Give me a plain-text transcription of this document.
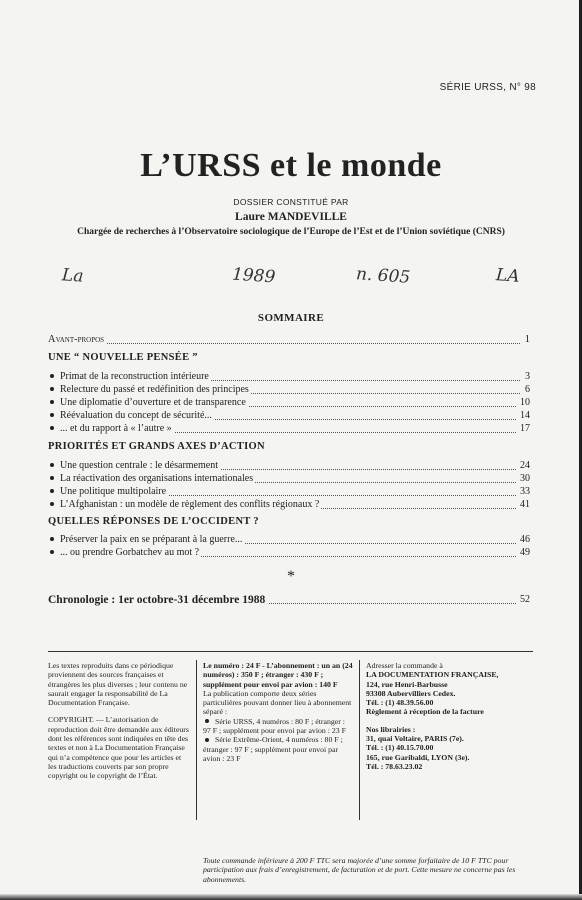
SÉRIE URSS, N° 98
L’URSS et le monde
DOSSIER CONSTITUÉ PAR
Laure MANDEVILLE
Chargée de recherches à l’Observatoire sociologique de l’Europe de l’Est et de l’Union soviétique (CNRS)
La	1989	n. 605	LA
SOMMAIRE
Avant-propos	1
UNE “ NOUVELLE PENSÉE ”
Primat de la reconstruction intérieure	3
Relecture du passé et redéfinition des principes	6
Une diplomatie d’ouverture et de transparence	10
Réévaluation du concept de sécurité...	14
... et du rapport à « l’autre »	17
PRIORITÉS ET GRANDS AXES D’ACTION
Une question centrale : le désarmement	24
La réactivation des organisations internationales	30
Une politique multipolaire	33
L’Afghanistan : un modèle de règlement des conflits régionaux ?	41
QUELLES RÉPONSES DE L’OCCIDENT ?
Préserver la paix en se préparant à la guerre...	46
... ou prendre Gorbatchev au mot ?	49
*
Chronologie : 1er octobre-31 décembre 1988	52

Les textes reproduits dans ce périodique proviennent des sources françaises et étrangères les plus diverses ; leur contenu ne saurait engager la responsabilité de La Documentation Française.

COPYRIGHT. — L’autorisation de reproduction doit être demandée aux éditeurs dont les références sont indiquées en tête des textes et non à La Documentation Française qui n’a compétence que pour les articles et les traductions couverts par son propre copyright ou le copyright de l’État.

Le numéro : 24 F - L’abonnement : un an (24 numéros) : 350 F ; étranger : 430 F ; supplément pour envoi par avion : 140 F

La publication comporte deux séries particulières pouvant donner lieu à abonnement séparé :

Série URSS, 4 numéros : 80 F ; étranger : 97 F ; supplément pour envoi par avion : 23 F

Série Extrême-Orient, 4 numéros : 80 F ; étranger : 97 F ; supplément pour envoi par avion : 23 F

Adresser la commande à

LA DOCUMENTATION FRANÇAISE,

124, rue Henri-Barbusse

93308 Aubervilliers Cedex.

Tél. : (1) 48.39.56.00

Règlement à réception de la facture

Nos librairies :

31, quai Voltaire, PARIS (7e).

Tél. : (1) 40.15.70.00

165, rue Garibaldi, LYON (3e).

Tél. : 78.63.23.02

Toute commande inférieure à 200 F TTC sera majorée d’une somme forfaitaire de 10 F TTC pour participation aux frais d’enregistrement, de facturation et de port. Cette mesure ne concerne pas les abonnements.
